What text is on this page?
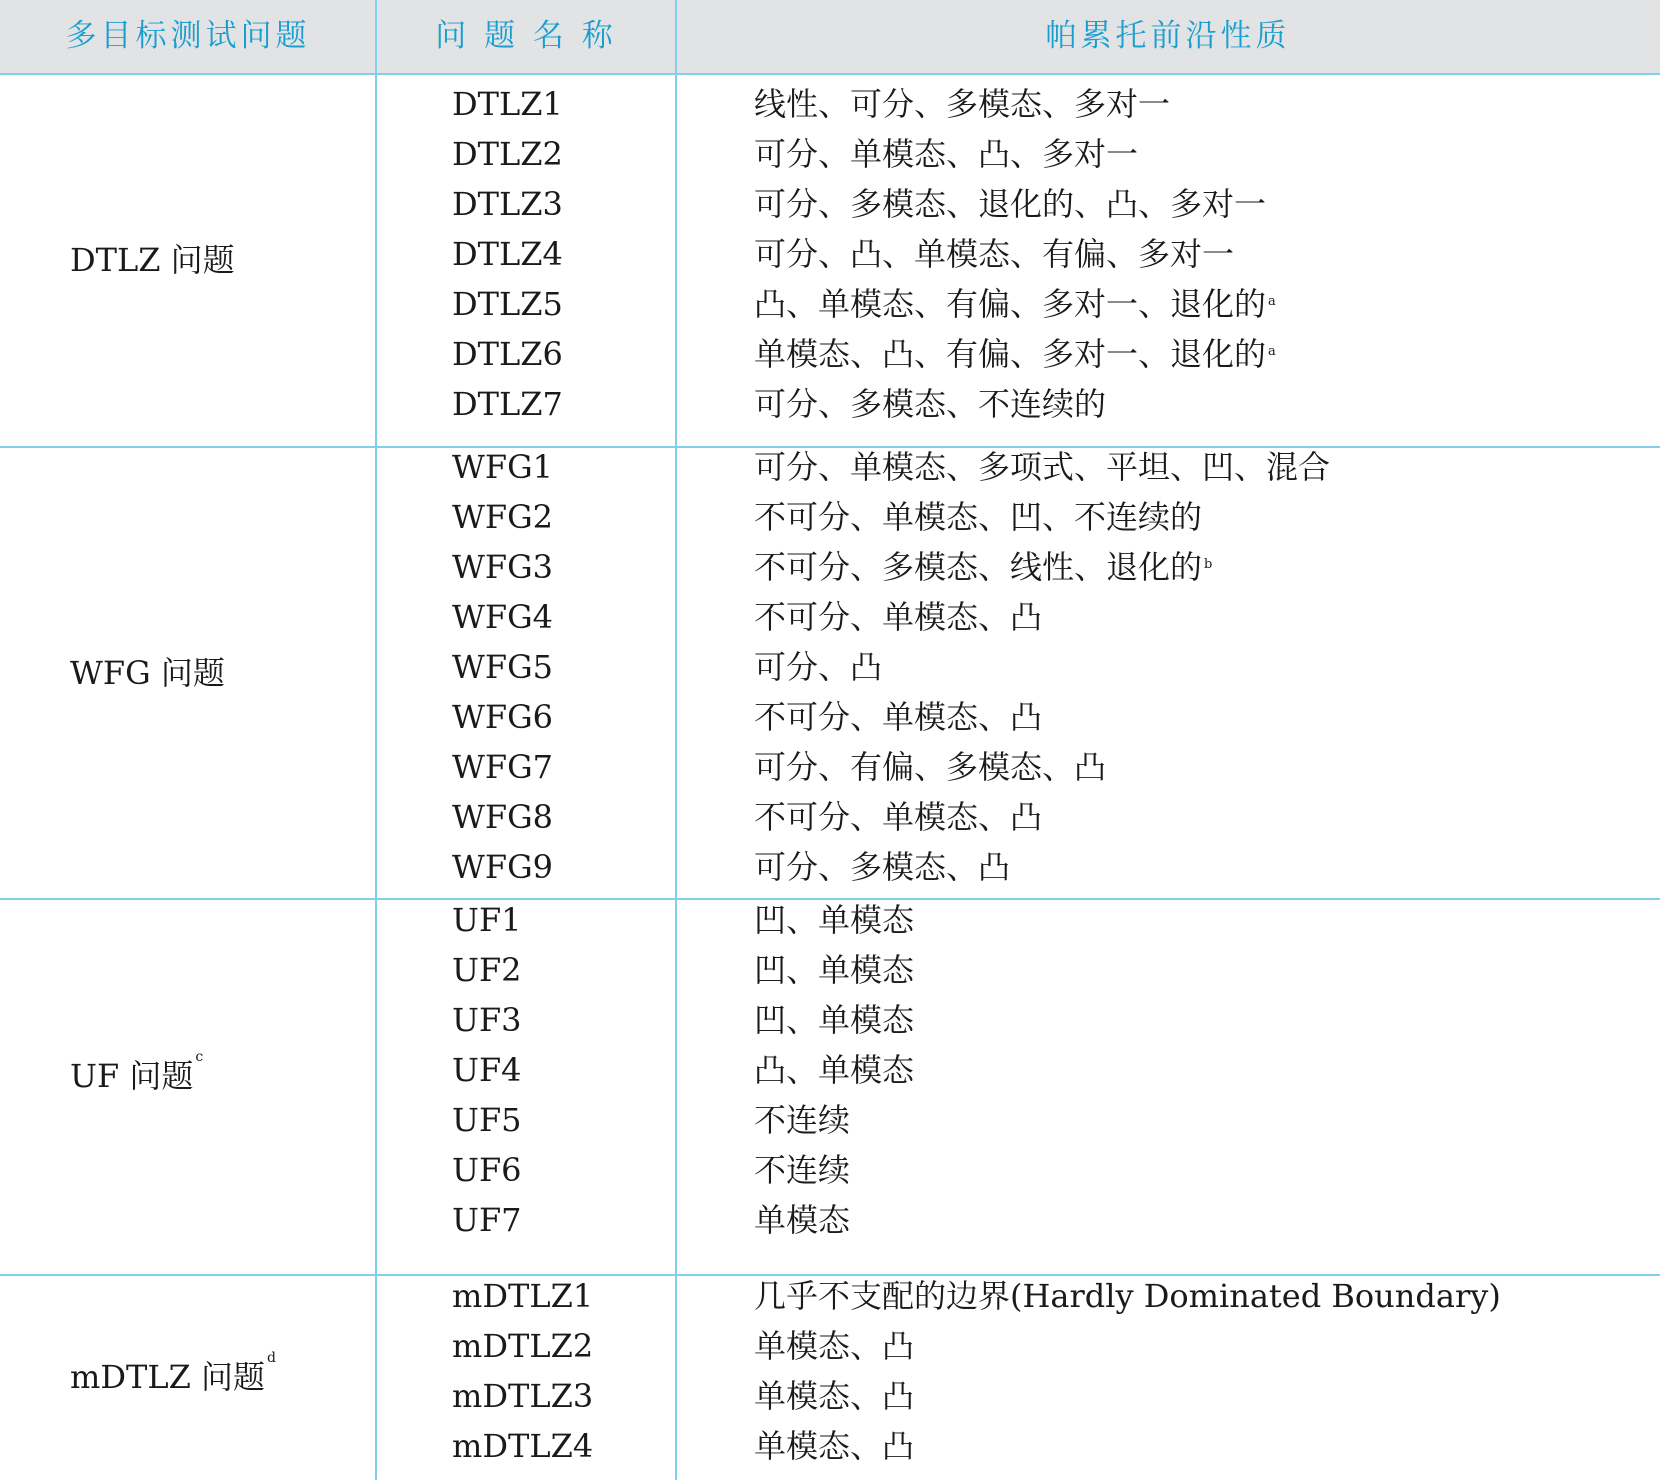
多目标测试问题	问 题 名 称	帕累托前沿性质
DTLZ 问题
DTLZ1	线性、可分、多模态、多对一
DTLZ2	可分、单模态、凸、多对一
DTLZ3	可分、多模态、退化的、凸、多对一
DTLZ4	可分、凸、单模态、有偏、多对一
DTLZ5	凸、单模态、有偏、多对一、退化的 $^a$
DTLZ6	单模态、凸、有偏、多对一、退化的 $^a$
DTLZ7	可分、多模态、不连续的
WFG 问题
WFG1	可分、单模态、多项式、平坦、凹、混合
WFG2	不可分、单模态、凹、不连续的
WFG3	不可分、多模态、线性、退化的 $^b$
WFG4	不可分、单模态、凸
WFG5	可分、凸
WFG6	不可分、单模态、凸
WFG7	可分、有偏、多模态、凸
WFG8	不可分、单模态、凸
WFG9	可分、多模态、凸
UF 问题 $^c$
UF1	凹、单模态
UF2	凹、单模态
UF3	凹、单模态
UF4	凸、单模态
UF5	不连续
UF6	不连续
UF7	单模态
mDTLZ 问题 $^d$
mDTLZ1	几乎不支配的边界(Hardly Dominated Boundary)
mDTLZ2	单模态、凸
mDTLZ3	单模态、凸
mDTLZ4	单模态、凸
